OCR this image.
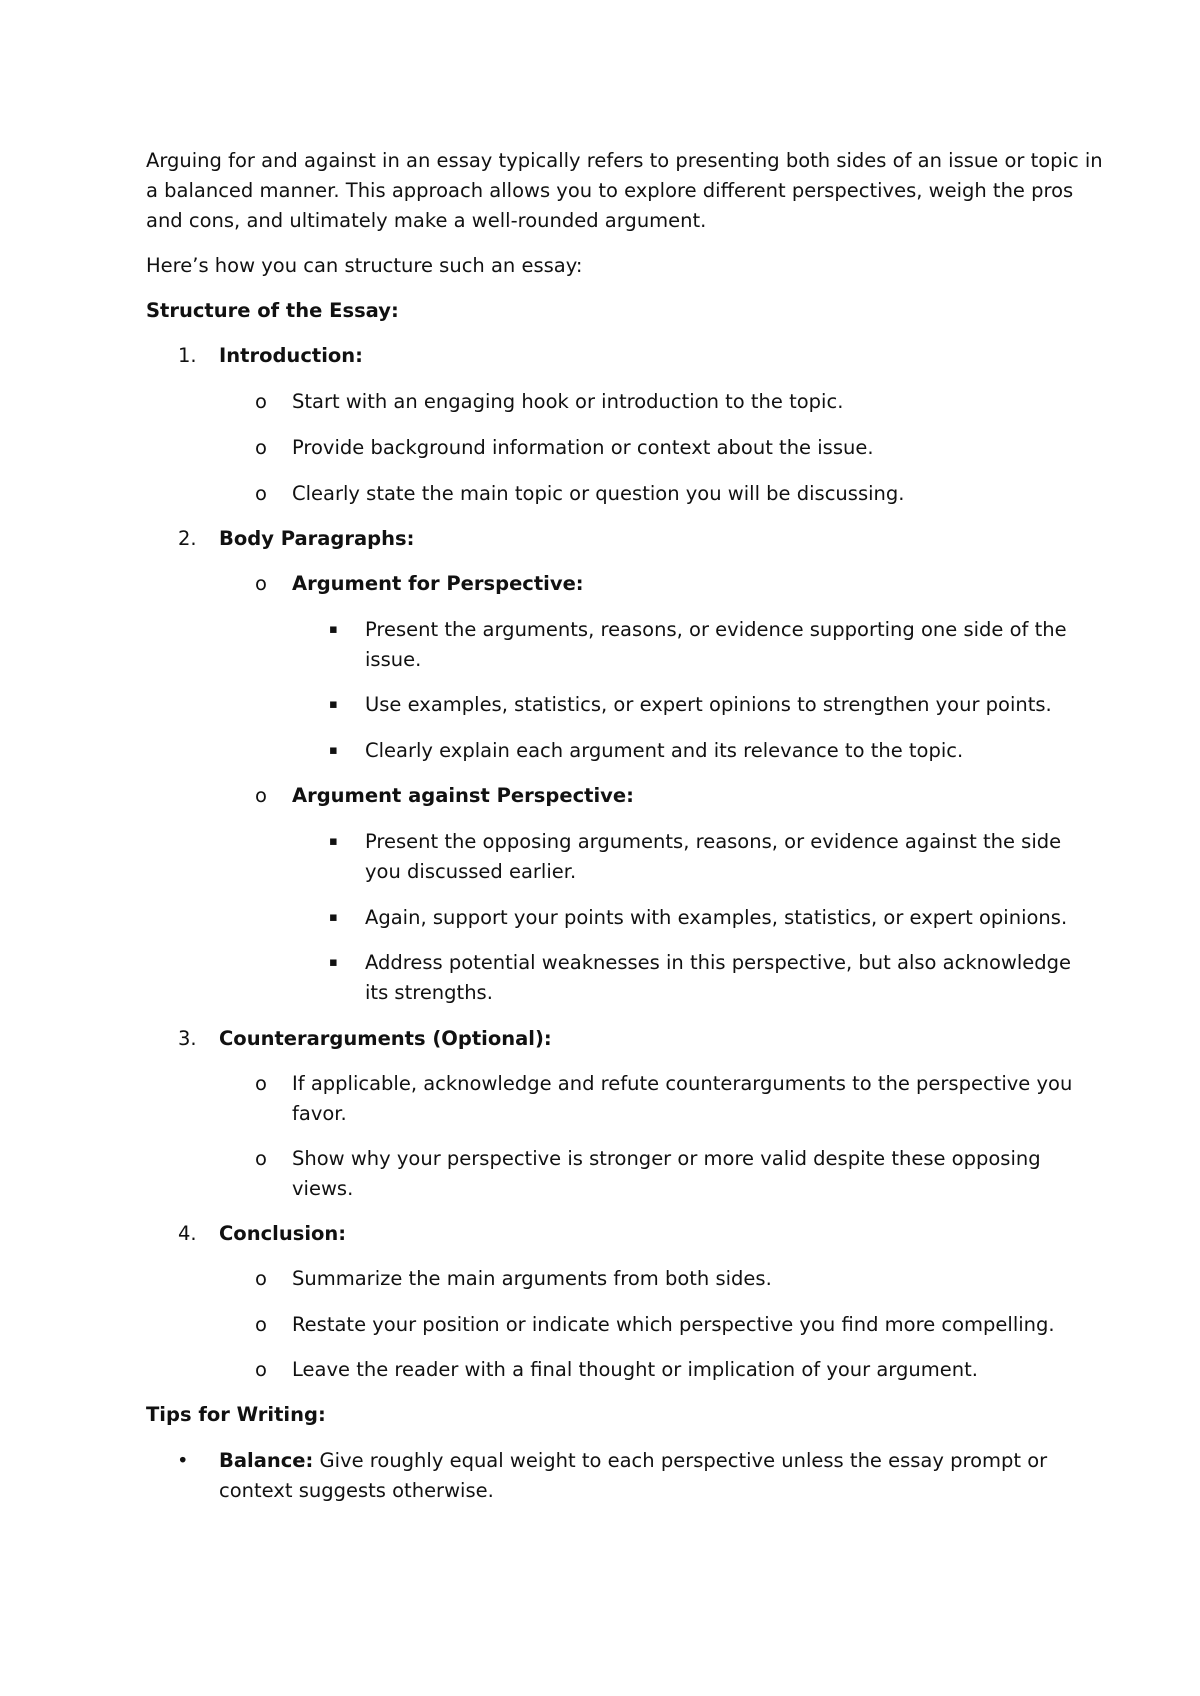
Arguing for and against in an essay typically refers to presenting both sides of an issue or topic in
a balanced manner. This approach allows you to explore different perspectives, weigh the pros
and cons, and ultimately make a well-rounded argument.

Here’s how you can structure such an essay:

Structure of the Essay:

1. Introduction:
o Start with an engaging hook or introduction to the topic.
o Provide background information or context about the issue.
o Clearly state the main topic or question you will be discussing.
2. Body Paragraphs:
o Argument for Perspective:
▪ Present the arguments, reasons, or evidence supporting one side of the
issue.

▪ Use examples, statistics, or expert opinions to strengthen your points.
▪ Clearly explain each argument and its relevance to the topic.
o Argument against Perspective:
▪ Present the opposing arguments, reasons, or evidence against the side
you discussed earlier.

▪ Again, support your points with examples, statistics, or expert opinions.
▪ Address potential weaknesses in this perspective, but also acknowledge
its strengths.

3. Counterarguments (Optional):
o If applicable, acknowledge and refute counterarguments to the perspective you
favor.

o Show why your perspective is stronger or more valid despite these opposing
views.

4. Conclusion:
o Summarize the main arguments from both sides.
o Restate your position or indicate which perspective you find more compelling.
o Leave the reader with a final thought or implication of your argument.

Tips for Writing:

• Balance: Give roughly equal weight to each perspective unless the essay prompt or
context suggests otherwise.
